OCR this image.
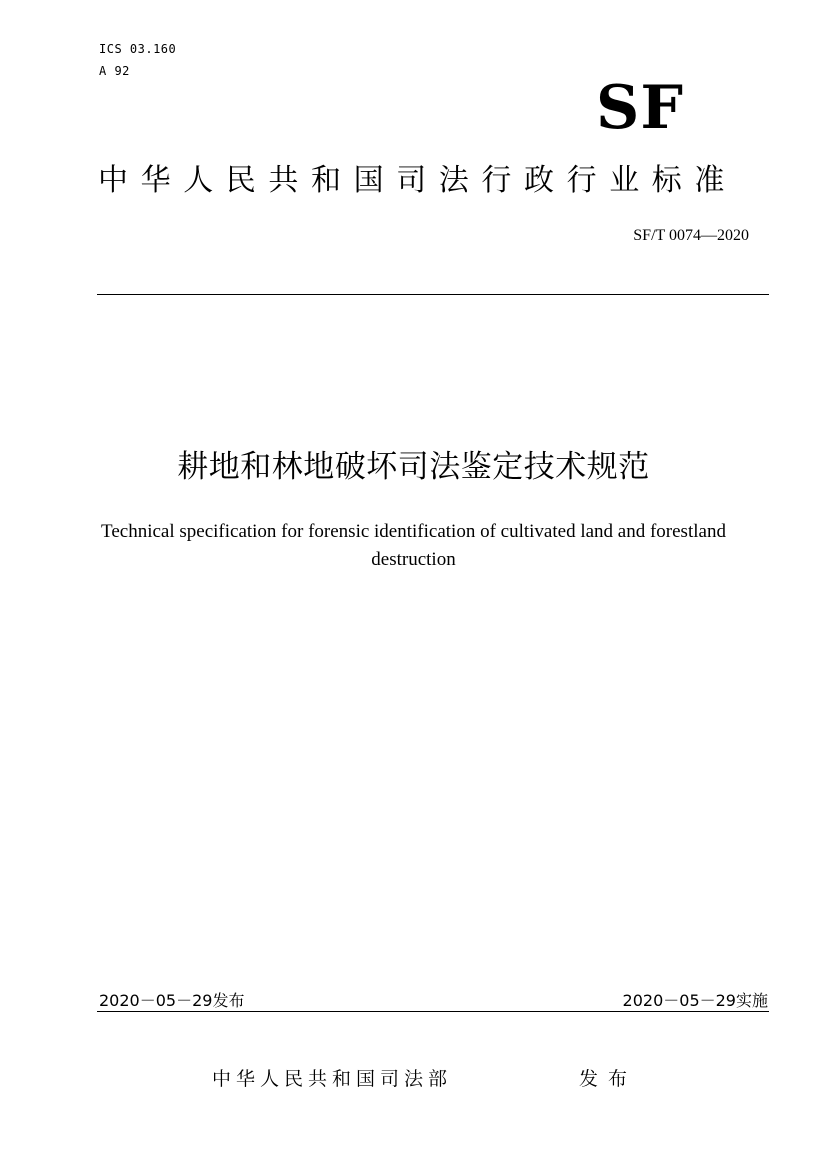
ICS 03.160
A 92
SF
中华人民共和国司法行政行业标准
SF/T 0074—2020
耕地和林地破坏司法鉴定技术规范
Technical specification for forensic identification of cultivated land and forestland destruction
2020－05－29发布	2020－05－29实施
中华人民共和国司法部	发布
